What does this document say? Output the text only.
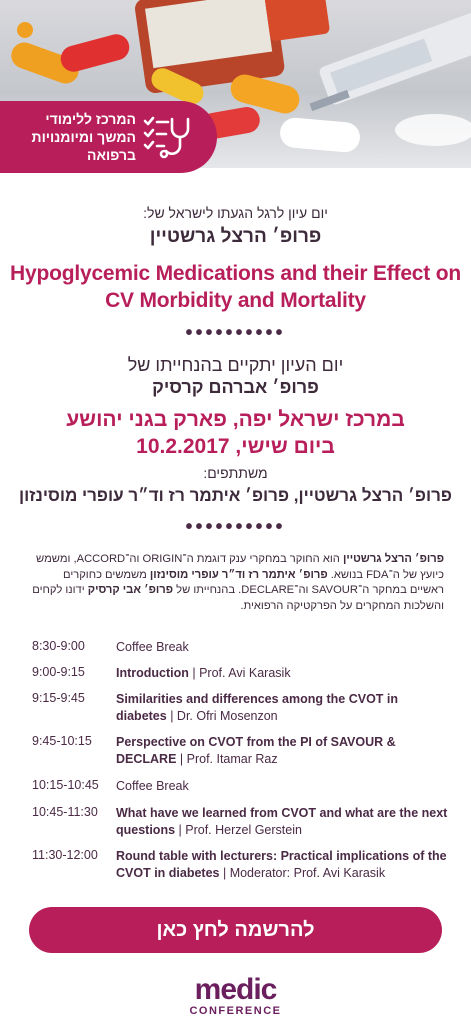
המרכז ללימודי המשך ומיומנויות ברפואה
יום עיון לרגל הגעתו לישראל של:
פרופ׳ הרצל גרשטיין
Hypoglycemic Medications and their Effect on CV Morbidity and Mortality
••••••••••
יום העיון יתקיים בהנחייתו של
פרופ׳ אברהם קרסיק
במרכז ישראל יפה, פארק בגני יהושע
ביום שישי, 10.2.2017
משתתפים:
פרופ׳ הרצל גרשטיין, פרופ׳ איתמר רז וד״ר עופרי מוסינזון
••••••••••
פרופ׳ הרצל גרשטיין הוא החוקר במחקרי ענק דוגמת ה־ORIGIN וה־ACCORD, ומשמש כיועץ של ה־FDA בנושא. פרופ׳ איתמר רז וד״ר עופרי מוסינזון משמשים כחוקרים ראשיים במחקר ה־SAVOUR וה־DECLARE. בהנחייתו של פרופ׳ אבי קרסיק ידונו לקחים והשלכות המחקרים על הפרקטיקה הרפואית.
8:30-9:00	Coffee Break
9:00-9:15	Introduction | Prof. Avi Karasik
9:15-9:45	Similarities and differences among the CVOT in diabetes | Dr. Ofri Mosenzon
9:45-10:15	Perspective on CVOT from the PI of SAVOUR & DECLARE | Prof. Itamar Raz
10:15-10:45	Coffee Break
10:45-11:30	What have we learned from CVOT and what are the next questions | Prof. Herzel Gerstein
11:30-12:00	Round table with lecturers: Practical implications of the CVOT in diabetes | Moderator: Prof. Avi Karasik
להרשמה לחץ כאן
medic
CONFERENCE
